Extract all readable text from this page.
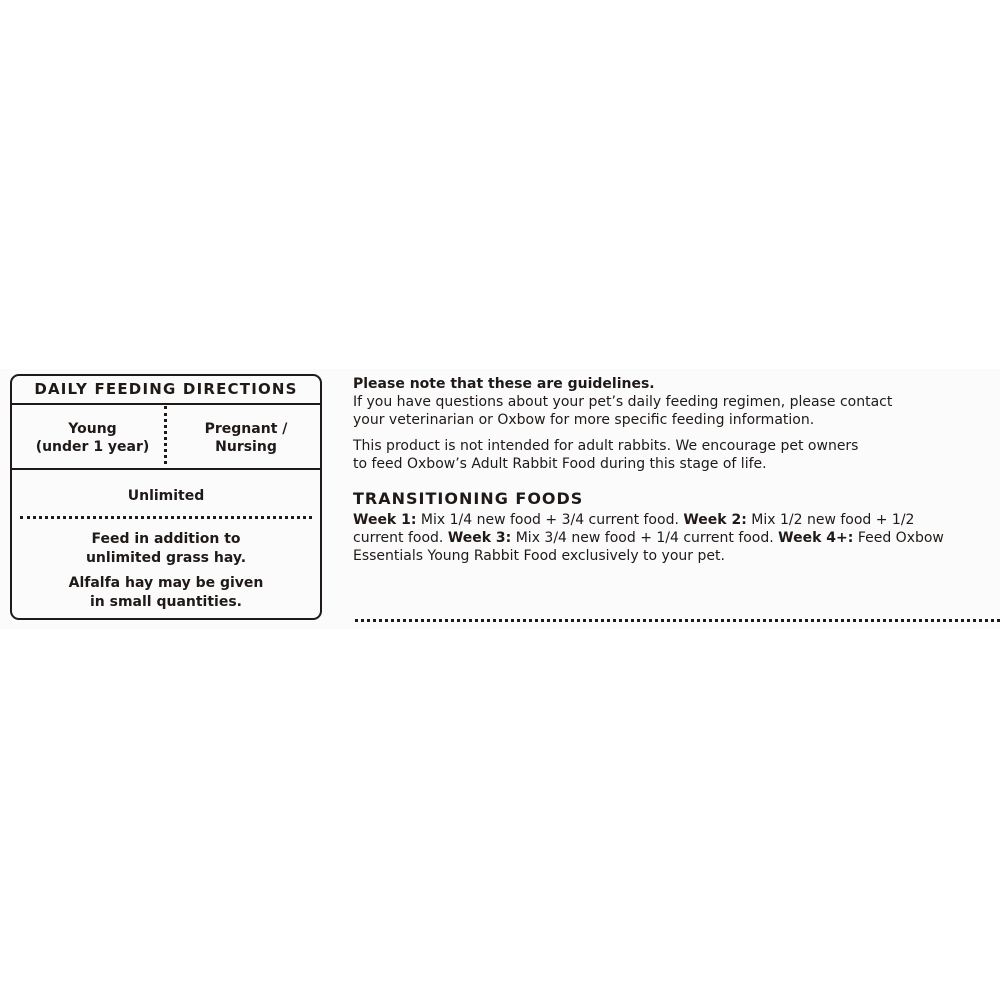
DAILY FEEDING DIRECTIONS
Young
(under 1 year)
Pregnant /
Nursing
Unlimited
Feed in addition to
unlimited grass hay.
Alfalfa hay may be given
in small quantities.

Please note that these are guidelines.

If you have questions about your pet’s daily feeding regimen, please contact
your veterinarian or Oxbow for more specific feeding information.

This product is not intended for adult rabbits. We encourage pet owners
to feed Oxbow’s Adult Rabbit Food during this stage of life.

TRANSITIONING FOODS

Week 1: Mix 1/4 new food + 3/4 current food. Week 2: Mix 1/2 new food + 1/2
current food. Week 3: Mix 3/4 new food + 1/4 current food. Week 4+: Feed Oxbow
Essentials Young Rabbit Food exclusively to your pet.
